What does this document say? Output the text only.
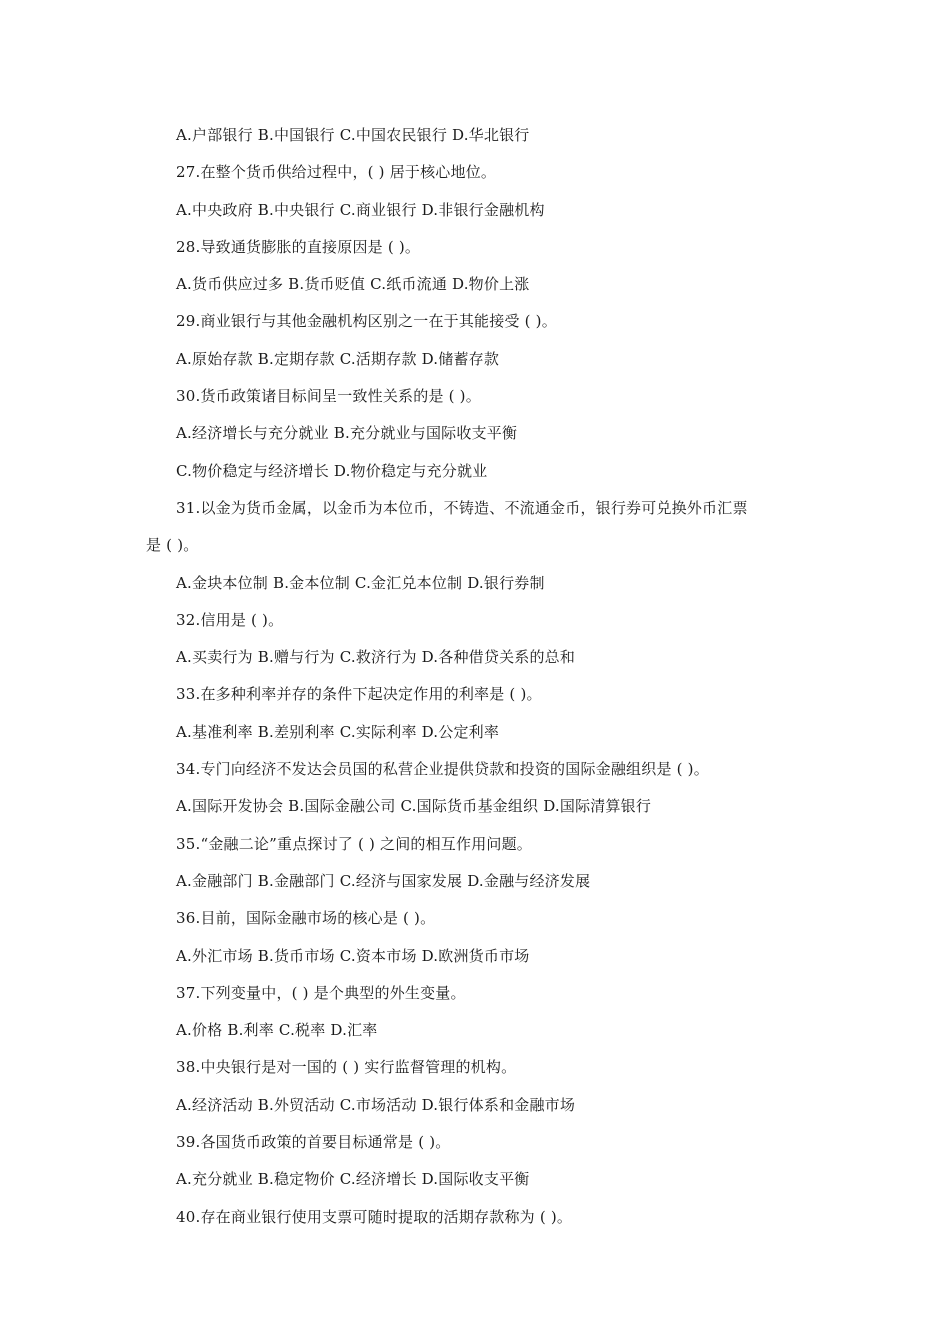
A.户部银行 B.中国银行 C.中国农民银行 D.华北银行
27.在整个货币供给过程中，( ) 居于核心地位。
A.中央政府 B.中央银行 C.商业银行 D.非银行金融机构
28.导致通货膨胀的直接原因是 ( )。
A.货币供应过多 B.货币贬值 C.纸币流通 D.物价上涨
29.商业银行与其他金融机构区别之一在于其能接受 ( )。
A.原始存款 B.定期存款 C.活期存款 D.储蓄存款
30.货币政策诸目标间呈一致性关系的是 ( )。
A.经济增长与充分就业 B.充分就业与国际收支平衡
C.物价稳定与经济增长 D.物价稳定与充分就业
31.以金为货币金属，以金币为本位币，不铸造、不流通金币，银行券可兑换外币汇票
是 ( )。
A.金块本位制 B.金本位制 C.金汇兑本位制 D.银行券制
32.信用是 ( )。
A.买卖行为 B.赠与行为 C.救济行为 D.各种借贷关系的总和
33.在多种利率并存的条件下起决定作用的利率是 ( )。
A.基准利率 B.差别利率 C.实际利率 D.公定利率
34.专门向经济不发达会员国的私营企业提供贷款和投资的国际金融组织是 ( )。
A.国际开发协会 B.国际金融公司 C.国际货币基金组织 D.国际清算银行
35.“金融二论”重点探讨了 ( ) 之间的相互作用问题。
A.金融部门 B.金融部门 C.经济与国家发展 D.金融与经济发展
36.目前，国际金融市场的核心是 ( )。
A.外汇市场 B.货币市场 C.资本市场 D.欧洲货币市场
37.下列变量中，( ) 是个典型的外生变量。
A.价格 B.利率 C.税率 D.汇率
38.中央银行是对一国的 ( ) 实行监督管理的机构。
A.经济活动 B.外贸活动 C.市场活动 D.银行体系和金融市场
39.各国货币政策的首要目标通常是 ( )。
A.充分就业 B.稳定物价 C.经济增长 D.国际收支平衡
40.存在商业银行使用支票可随时提取的活期存款称为 ( )。
